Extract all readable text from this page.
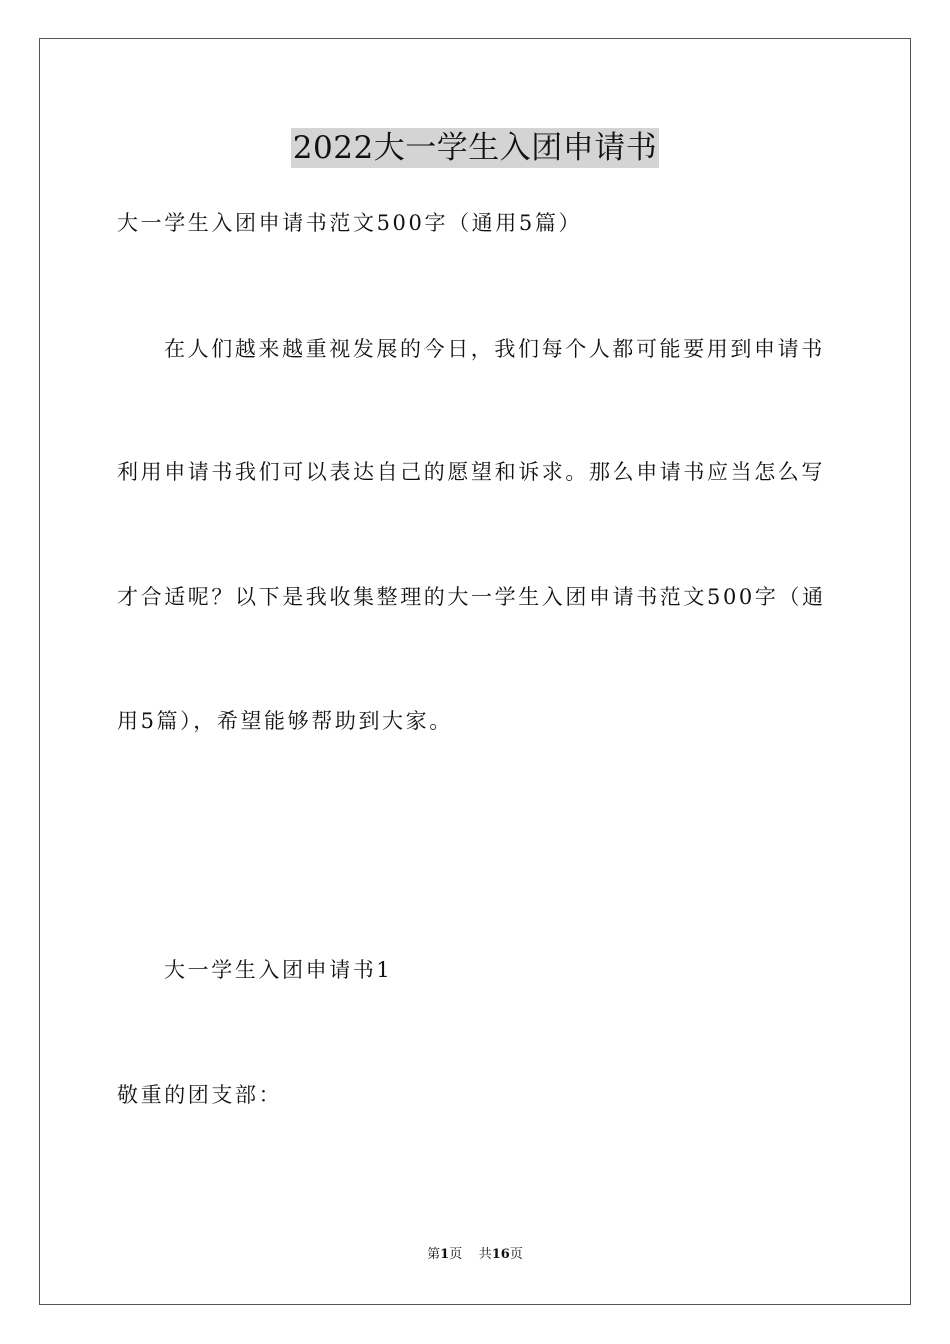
2022大一学生入团申请书
大一学生入团申请书范文500字（通用5篇）
在人们越来越重视发展的今日，我们每个人都可能要用到申请书
利用申请书我们可以表达自己的愿望和诉求。那么申请书应当怎么写
才合适呢？以下是我收集整理的大一学生入团申请书范文500字（通
用5篇），希望能够帮助到大家。
大一学生入团申请书1
敬重的团支部：
第1页 共16页
